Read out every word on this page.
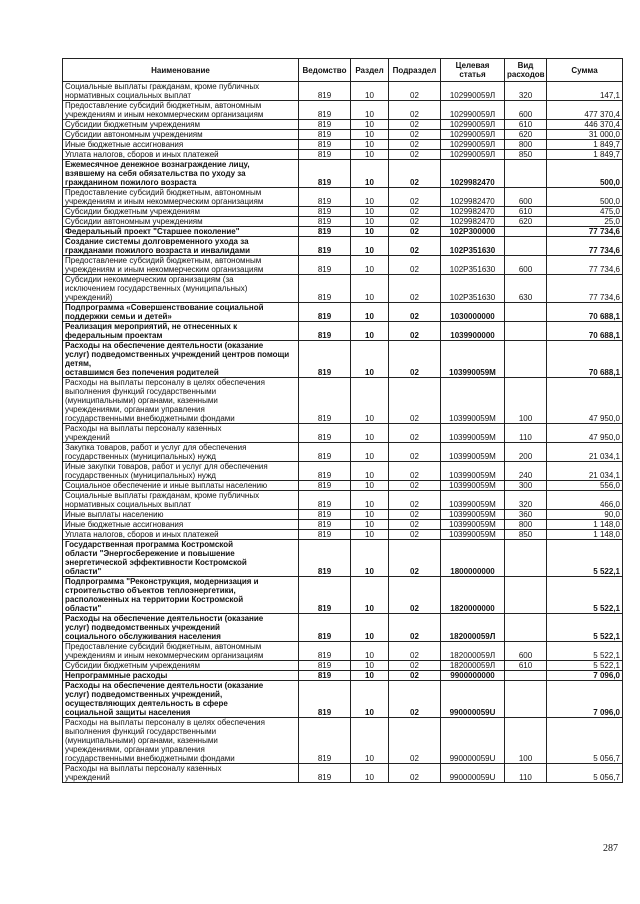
Наименование	Ведомство	Раздел	Подраздел	Целевая статья	Вид расходов	Сумма

Социальные выплаты гражданам, кроме публичных
нормативных социальных выплат	819	10	02	102990059Л	320	147,1

Предоставление субсидий бюджетным, автономным
учреждениям и иным некоммерческим организациям	819	10	02	102990059Л	600	477 370,4

Субсидии бюджетным учреждениям	819	10	02	102990059Л	610	446 370,4

Субсидии автономным учреждениям	819	10	02	102990059Л	620	31 000,0

Иные бюджетные ассигнования	819	10	02	102990059Л	800	1 849,7

Уплата налогов, сборов и иных платежей	819	10	02	102990059Л	850	1 849,7

Ежемесячное денежное вознаграждение лицу,
взявшему на себя обязательства по уходу за
гражданином пожилого возраста	819	10	02	1029982470		500,0

Предоставление субсидий бюджетным, автономным
учреждениям и иным некоммерческим организациям	819	10	02	1029982470	600	500,0

Субсидии бюджетным учреждениям	819	10	02	1029982470	610	475,0

Субсидии автономным учреждениям	819	10	02	1029982470	620	25,0

Федеральный проект "Старшее поколение"	819	10	02	102P300000		77 734,6

Создание системы долговременного ухода за
гражданами пожилого возраста и инвалидами	819	10	02	102P351630		77 734,6

Предоставление субсидий бюджетным, автономным
учреждениям и иным некоммерческим организациям	819	10	02	102P351630	600	77 734,6

Субсидии некоммерческим организациям (за
исключением государственных (муниципальных)
учреждений)	819	10	02	102P351630	630	77 734,6

Подпрограмма «Совершенствование социальной
поддержки семьи и детей»	819	10	02	1030000000		70 688,1

Реализация мероприятий, не отнесенных к
федеральным проектам	819	10	02	1039900000		70 688,1

Расходы на обеспечение деятельности (оказание
услуг) подведомственных учреждений центров помощи детям,
оставшимся без попечения родителей	819	10	02	103990059М		70 688,1

Расходы на выплаты персоналу в целях обеспечения
выполнения функций государственными
(муниципальными) органами, казенными
учреждениями, органами управления
государственными внебюджетными фондами	819	10	02	103990059М	100	47 950,0

Расходы на выплаты персоналу казенных
учреждений	819	10	02	103990059М	110	47 950,0

Закупка товаров, работ и услуг для обеспечения
государственных (муниципальных) нужд	819	10	02	103990059М	200	21 034,1

Иные закупки товаров, работ и услуг для обеспечения
государственных (муниципальных) нужд	819	10	02	103990059М	240	21 034,1

Социальное обеспечение и иные выплаты населению	819	10	02	103990059М	300	556,0

Социальные выплаты гражданам, кроме публичных
нормативных социальных выплат	819	10	02	103990059М	320	466,0

Иные выплаты населению	819	10	02	103990059М	360	90,0

Иные бюджетные ассигнования	819	10	02	103990059М	800	1 148,0

Уплата налогов, сборов и иных платежей	819	10	02	103990059М	850	1 148,0

Государственная программа Костромской
области "Энергосбережение и повышение
энергетической эффективности Костромской
области"	819	10	02	1800000000		5 522,1

Подпрограмма "Реконструкция, модернизация и
строительство объектов теплоэнергетики,
расположенных на территории Костромской
области"	819	10	02	1820000000		5 522,1

Расходы на обеспечение деятельности (оказание
услуг) подведомственных учреждений
социального обслуживания населения	819	10	02	182000059Л		5 522,1

Предоставление субсидий бюджетным, автономным
учреждениям и иным некоммерческим организациям	819	10	02	182000059Л	600	5 522,1

Субсидии бюджетным учреждениям	819	10	02	182000059Л	610	5 522,1

Непрограммные расходы	819	10	02	9900000000		7 096,0

Расходы на обеспечение деятельности (оказание
услуг) подведомственных учреждений,
осуществляющих деятельность в сфере
социальной защиты населения	819	10	02	990000059U		7 096,0

Расходы на выплаты персоналу в целях обеспечения
выполнения функций государственными
(муниципальными) органами, казенными
учреждениями, органами управления
государственными внебюджетными фондами	819	10	02	990000059U	100	5 056,7

Расходы на выплаты персоналу казенных
учреждений	819	10	02	990000059U	110	5 056,7
287
